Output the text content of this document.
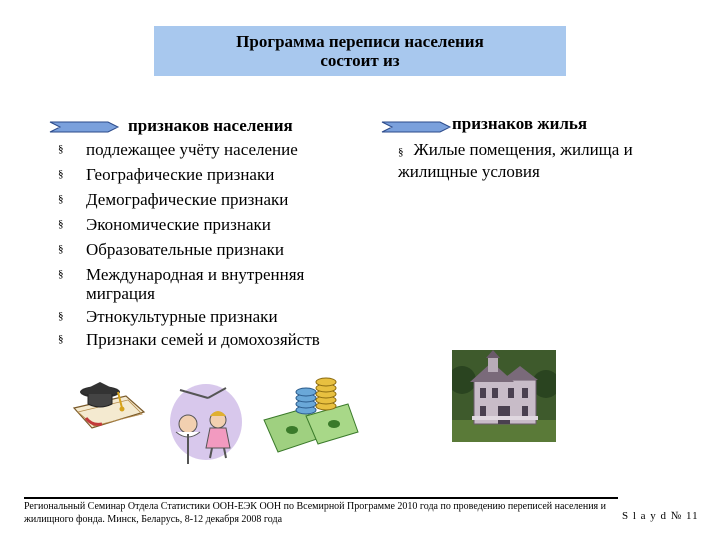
Программа переписи населения
состоит из
признаков населения
§ подлежащее учёту население
§ Географические признаки
§ Демографические признаки
§ Экономические признаки
§ Образовательные признаки
§ Международная и внутренняя миграция
§ Этнокультурные признаки
§ Признаки семей и домохозяйств
признаков жилья
§ Жилые помещения, жилища и жилищные условия
Региональный Семинар Отдела Статистики ООН-ЕЭК ООН по Всемирной Программе 2010 года по проведению переписей населения и жилищного фонда. Минск, Беларусь, 8-12 декабря 2008 года	S l a y d № 11
